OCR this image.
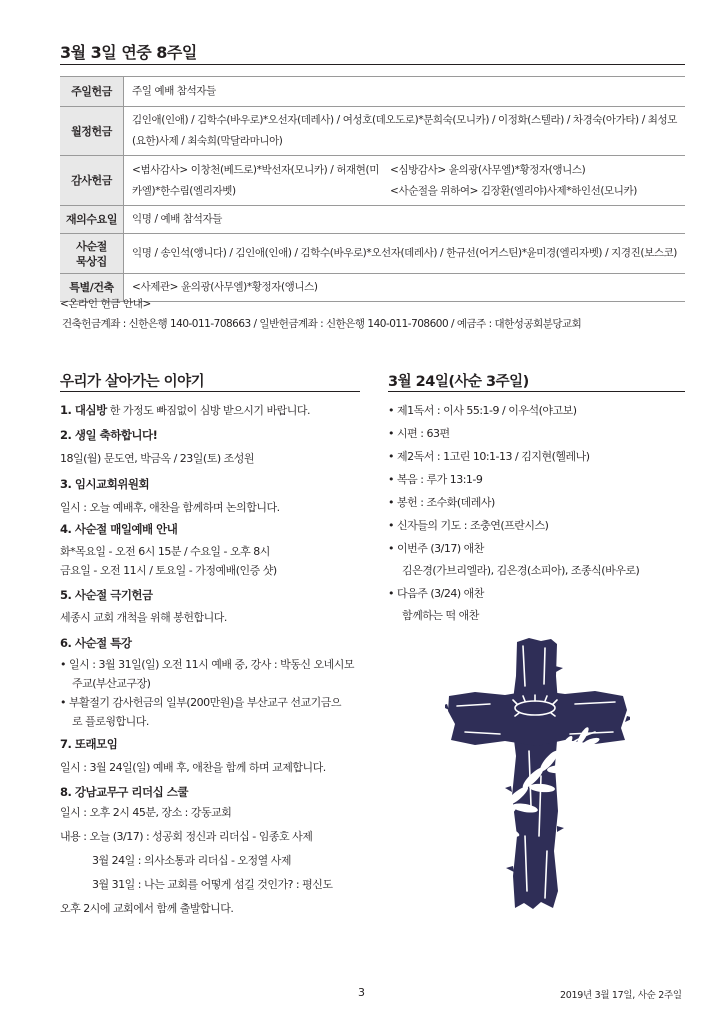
3월 3일 연중 8주일
주일헌금	주일 예배 참석자들
월정헌금	김인애(인애) / 김학수(바우로)*오선자(데레사) / 여성호(데오도로)*문희숙(모니카) / 이정화(스텔라) / 차경숙(아가타) / 최성모
(요한)사제 / 최숙희(막달라마니아)

감사헌금	<범사감사> 이창천(베드로)*박선자(모니카) / 허재현(미
카엘)*한수림(엘리자벳)
<심방감사> 윤의광(사무엘)*황정자(앵니스)
<사순절을 위하여> 김장환(엘리야)사제*하인선(모니카)

재의수요일	익명 / 예배 참석자들

사순절
묵상집	익명 / 송인석(앵니다) / 김인애(인애) / 김학수(바우로)*오선자(데레사) / 한규선(어거스틴)*윤미경(엘리자벳) / 지경진(보스코)
특별/건축	<사제관> 윤의광(사무엘)*황정자(앵니스)
<온라인 헌금 안내>
건축헌금계좌 : 신한은행 140-011-708663 / 일반헌금계좌 : 신한은행 140-011-708600 / 예금주 : 대한성공회분당교회
우리가 살아가는 이야기
1. 대심방 한 가정도 빠짐없이 심방 받으시기 바랍니다.
2. 생일 축하합니다!
18일(월) 문도연, 박금옥 / 23일(토) 조성원
3. 임시교회위원회
일시 : 오늘 예배후, 애찬을 함께하며 논의합니다.
4. 사순절 매일예배 안내
화*목요일 - 오전 6시 15분 / 수요일 - 오후 8시
금요일 - 오전 11시 / 토요일 - 가정예배(인증 샷)
5. 사순절 극기헌금
세종시 교회 개척을 위해 봉헌합니다.
6. 사순절 특강
• 일시 : 3월 31일(일) 오전 11시 예배 중, 강사 : 박동신 오네시모
주교(부산교구장)
• 부활절기 감사헌금의 일부(200만원)을 부산교구 선교기금으
로 플로윙합니다.
7. 또래모임
일시 : 3월 24일(일) 예배 후, 애찬을 함께 하며 교제합니다.
8. 강남교무구 리더십 스쿨
일시 : 오후 2시 45분, 장소 : 강동교회
내용 : 오늘 (3/17) : 성공회 정신과 리더십 - 임종호 사제
3월 24일 : 의사소통과 리더십 - 오정열 사제
3월 31일 : 나는 교회를 어떻게 섬길 것인가? : 평신도
오후 2시에 교회에서 함께 출발합니다.
3월 24일(사순 3주일)
• 제1독서 : 이사 55:1-9 / 이우석(야고보)
• 시편 : 63편
• 제2독서 : 1고린 10:1-13 / 김지현(헬레나)
• 복음 : 루가 13:1-9
• 봉헌 : 조수화(데레사)
• 신자들의 기도 : 조충연(프란시스)
• 이번주 (3/17) 애찬
김은경(가브리엘라), 김은경(소피아), 조종식(바우로)
• 다음주 (3/24) 애찬
함께하는 떡 애찬
3	2019년 3월 17일, 사순 2주일
